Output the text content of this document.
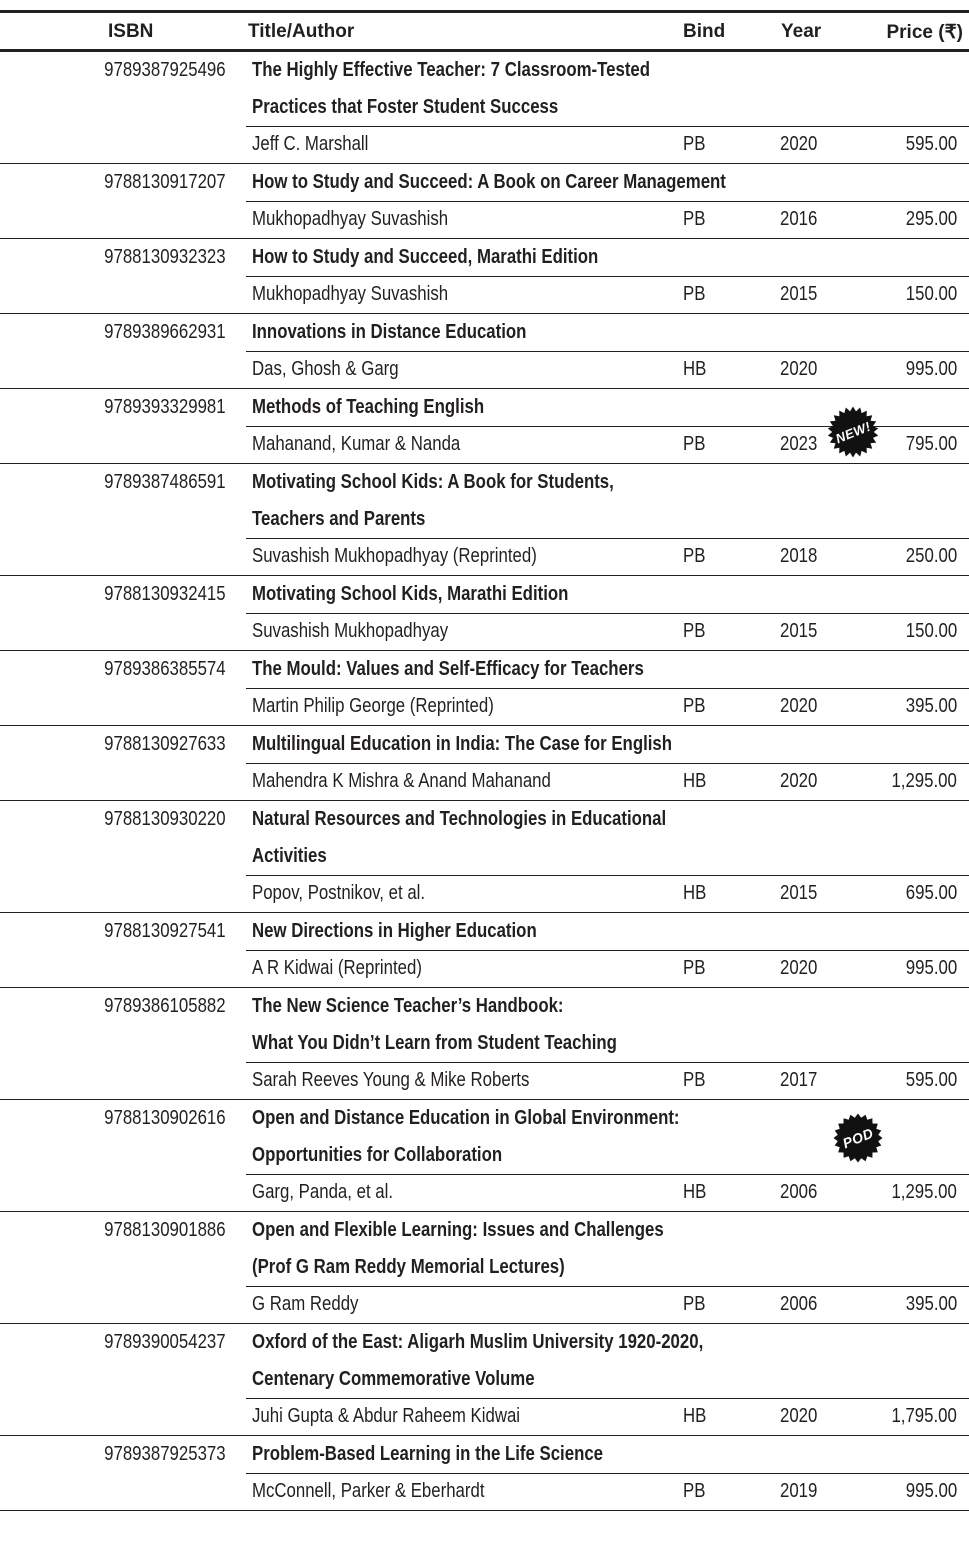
ISBN	Title/Author	Bind	Year	Price (₹)
9789387925496 The Highly Effective Teacher: 7 Classroom-Tested
Practices that Foster Student Success
Jeff C. Marshall	PB	2020	595.00
9788130917207 How to Study and Succeed: A Book on Career Management
Mukhopadhyay Suvashish	PB	2016	295.00
9788130932323 How to Study and Succeed, Marathi Edition
Mukhopadhyay Suvashish	PB	2015	150.00
9789389662931 Innovations in Distance Education
Das, Ghosh & Garg	HB	2020	995.00
9789393329981 Methods of Teaching English
Mahanand, Kumar & Nanda	PB	2023	795.00
9789387486591 Motivating School Kids: A Book for Students,
Teachers and Parents
Suvashish Mukhopadhyay (Reprinted)	PB	2018	250.00
9788130932415 Motivating School Kids, Marathi Edition
Suvashish Mukhopadhyay	PB	2015	150.00
9789386385574 The Mould: Values and Self-Efficacy for Teachers
Martin Philip George (Reprinted)	PB	2020	395.00
9788130927633 Multilingual Education in India: The Case for English
Mahendra K Mishra & Anand Mahanand	HB	2020	1,295.00
9788130930220 Natural Resources and Technologies in Educational
Activities
Popov, Postnikov, et al.	HB	2015	695.00
9788130927541 New Directions in Higher Education
A R Kidwai (Reprinted)	PB	2020	995.00
9789386105882 The New Science Teacher’s Handbook:
What You Didn’t Learn from Student Teaching
Sarah Reeves Young & Mike Roberts	PB	2017	595.00
9788130902616 Open and Distance Education in Global Environment:
Opportunities for Collaboration
Garg, Panda, et al.	HB	2006	1,295.00
9788130901886 Open and Flexible Learning: Issues and Challenges
(Prof G Ram Reddy Memorial Lectures)
G Ram Reddy	PB	2006	395.00
9789390054237 Oxford of the East: Aligarh Muslim University 1920-2020,
Centenary Commemorative Volume
Juhi Gupta & Abdur Raheem Kidwai	HB	2020	1,795.00
9789387925373 Problem-Based Learning in the Life Science
McConnell, Parker & Eberhardt	PB	2019	995.00
NEW!
POD
